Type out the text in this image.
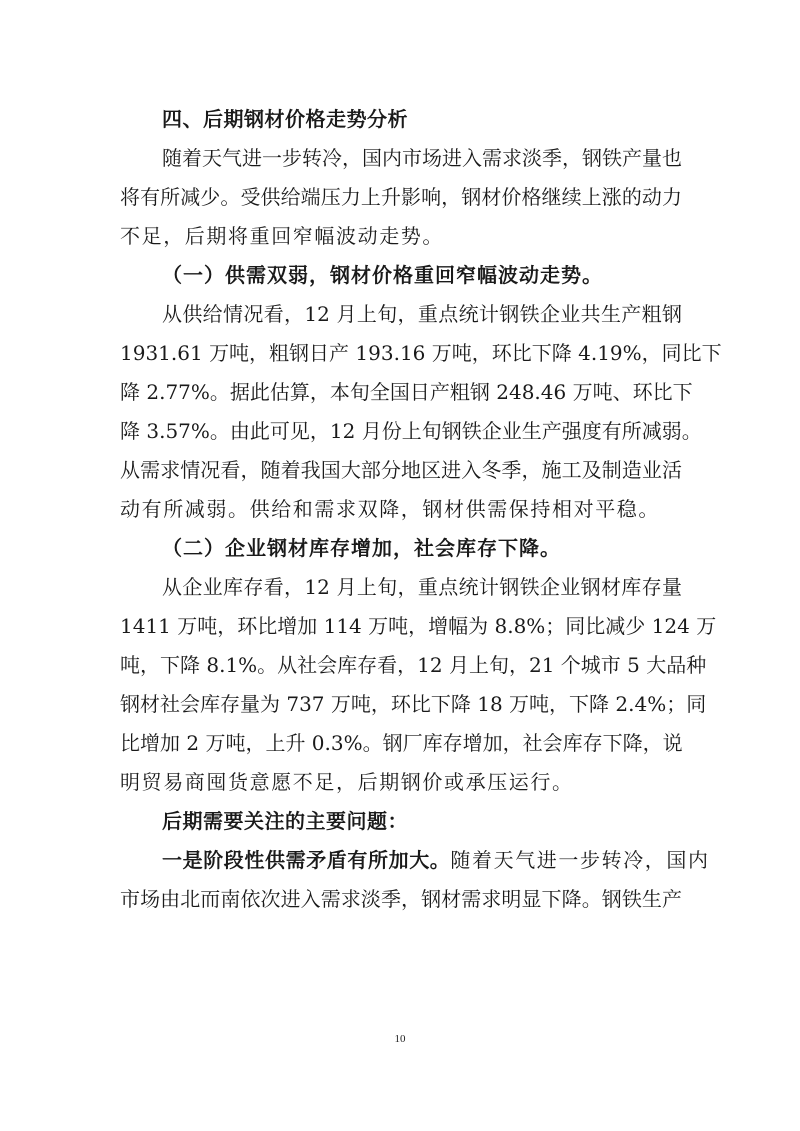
四、后期钢材价格走势分析
随着天气进一步转冷，国内市场进入需求淡季，钢铁产量也
将有所减少。受供给端压力上升影响，钢材价格继续上涨的动力
不足，后期将重回窄幅波动走势。
（一）供需双弱，钢材价格重回窄幅波动走势。
从供给情况看，12 月上旬，重点统计钢铁企业共生产粗钢
1931.61 万吨，粗钢日产 193.16 万吨，环比下降 4.19%，同比下
降 2.77%。据此估算，本旬全国日产粗钢 248.46 万吨、环比下
降 3.57%。由此可见，12 月份上旬钢铁企业生产强度有所减弱。
从需求情况看，随着我国大部分地区进入冬季，施工及制造业活
动有所减弱。供给和需求双降，钢材供需保持相对平稳。
（二）企业钢材库存增加，社会库存下降。
从企业库存看，12 月上旬，重点统计钢铁企业钢材库存量
1411 万吨，环比增加 114 万吨，增幅为 8.8%；同比减少 124 万
吨，下降 8.1%。从社会库存看，12 月上旬，21 个城市 5 大品种
钢材社会库存量为 737 万吨，环比下降 18 万吨，下降 2.4%；同
比增加 2 万吨，上升 0.3%。钢厂库存增加，社会库存下降，说
明贸易商囤货意愿不足，后期钢价或承压运行。
后期需要关注的主要问题：
一是阶段性供需矛盾有所加大。随着天气进一步转冷，国内
市场由北而南依次进入需求淡季，钢材需求明显下降。钢铁生产
10
